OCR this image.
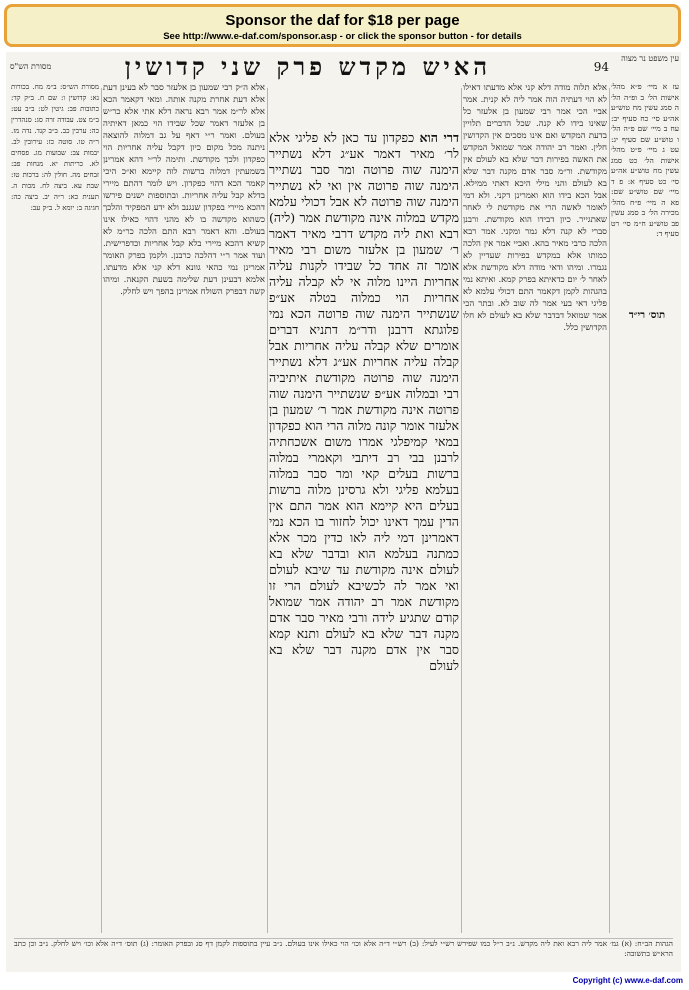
Sponsor the daf for $18 per page
See http://www.e-daf.com/sponsor.asp - or click the sponsor button - for details
עין משפט נר מצוה
94
האיש מקדש פרק שני קדושין
מסורת הש"ס
עז א מיי׳ פ״א מהל׳ אישות הל׳ ב ופ״ה הל׳ ה סמג עשין מח טוש״ע אה״ע סי׳ כח סעיף יב: עח ב מיי׳ שם פ״ה הל׳ ו טוש״ע שם סעיף יג: עט ג מיי׳ פ״ט מהל׳ אישות הל׳ כט סמג עשין מח טוש״ע אה״ע סי׳ כט סעיף א: פ ד מיי׳ שם טוש״ע שם: פא ה מיי׳ פ״ח מהל׳ מכירה הל׳ ב סמג עשין פב טוש״ע ח״מ סי׳ רט סעיף ד:
תוס׳ רי״ד
אלא תלוה מודה דלא קני אלא מדעתו דאילו לא הוי דעתיה הוה אמר ליה לא קנית. אמר אביי הכי אמר רבי שמעון בן אלעזר כל שאינו בידו לא קנה. שכל הדברים תלויין בדעת המקדש ואם אינו מסכים אין הקדושין חלין. ואמר רב יהודה אמר שמואל המקדש את האשה בפירות דבר שלא בא לעולם אין מקודשת. ור״מ סבר אדם מקנה דבר שלא בא לעולם והני מילי היכא דאתי ממילא. אבל הכא בידו הוא ואמרינן דקני. ולא דמי לאומר לאשה הרי את מקודשת לי לאחר שאתגייר. כיון דבידו הוא מקודשת. ורבנן סברי לא קנה דלא גמר ומקני. אמר רבא הלכה כרבי מאיר בהא. ואביי אמר אין הלכה כמותו אלא במקדש בפירות שעדיין לא נגמרו. ומיהו ודאי מודה דלא מקודשת אלא לאחר ל׳ יום כדאיתא בפרק קמא. ואיתא נמי בהגהות לקמן דקאמר התם דכולי עלמא לא פליגי דאי בעי אמר לה שוב לא. ובתר הכי אמר שמואל דבדבר שלא בא לעולם לא חלו הקדושין כלל.
דרי הוא כפקדון עד כאן לא פליגי אלא לר׳ מאיר דאמר אע״ג דלא נשתייר הימנה שוה פרוטה ומר סבר נשתייר הימנה שוה פרוטה אין ואי לא נשתייר הימנה שוה פרוטה לא אבל דכולי עלמא מקדש במלוה אינה מקודשת אמר (ליה) רבא ואת ליה מקדש דרבי מאיר דאמר ר׳ שמעון בן אלעזר משום רבי מאיר אומר זה אחד כל שבידו לקנות עליה אחריות היינו מלוה אי לא קבלה עליה אחריות הוי כמלוה בטלה אע״פ שנשתייר הימנה שוה פרוטה הכא נמי פלוגתא דרבנן ודר״מ דתניא דברים אומרים שלא קבלה עליה אחריות אבל קבלה עליה אחריות אע״ג דלא נשתייר הימנה שוה פרוטה מקודשת איתיביה רבי ובמלוה אע״פ שנשתייר הימנה שוה פרוטה אינה מקודשת אמר ר׳ שמעון בן אלעזר אומר קונה מלוה הרי הוא כפקדון במאי קמיפלגי אמרו משום אשכחתיה לרבנן בבי רב דיתבי וקאמרי במלוה ברשות בעלים קאי ומר סבר במלוה בעלמא פליגי ולא גרסינן מלוה ברשות בעלים היא קיימא הוא אמר התם אין הדין עמך דאינו יכול לחזור בו הכא נמי דאמרינן דמי ליה לאו כדין מכר אלא כמתנה בעלמא הוא ובדבר שלא בא לעולם אינה מקודשת עד שיבא לעולם ואי אמר לה לכשיבא לעולם הרי זו מקודשת אמר רב יהודה אמר שמואל קודם שתגיע לידה ורבי מאיר סבר אדם מקנה דבר שלא בא לעולם ותנא קמא סבר אין אדם מקנה דבר שלא בא לעולם
אלא ה״ק רבי שמעון בן אלעזר סבר לא בעינן דעת אלא דעת אחרת מקנה אותה. ומאי דקאמר הכא אלא לר״מ אמר רבא נראה דלא אתי אלא כר״ש בן אלעזר דאמר שכל שבידו הוי כמאן דאיתיה בעולם. ואמר ר״י דאף על גב דמלוה להוצאה ניתנה מכל מקום כיון דקבל עליה אחריות הוי כפקדון ולכך מקודשת. ותימה לר״י דהא אמרינן בשמעתין דמלוה ברשות לוה קיימא וא״כ היכי קאמר הכא דהוי כפקדון. ויש לומר דהתם מיירי בדלא קבל עליה אחריות. ובתוספות ישנים פירשו דהכא מיירי בפקדון שנגנב ולא ידע המפקיד והלכך כשהוא מקדשה בו לא מהני דהוי כאילו אינו בעולם. והא דאמר רבא התם הלכה כר״מ לא קשיא דהכא מיירי בלא קבל אחריות וכדפרישית. ועוד אמר ר״י דהלכה כרבנן. ולקמן בפרק האומר אמרינן נמי כהאי גוונא דלא קני אלא מדעתו. אלמא דבעינן דעת שלימה בשעת הקנאה. ומיהו קשה דבפרק השולח אמרינן בהפך ויש לחלק.
מסורת הש״ס: ב״מ מח. בכורות נא: קדושין ו: שם ח. ב״ק קד: כתובות פב: גיטין לט: ב״ב עט: ב״מ צט. עבודה זרה סג: סנהדרין כה: ערכין כב. ב״ב קנד. נדה מז. ר״ה טו. סוטה כז: עירובין לב. יבמות צב: שבועות מג. פסחים לא. כריתות יא. מנחות פב: זבחים מה. חולין לה: ברכות טז: שבת עא. ביצה לח. מכות ה. תענית כא: ר״ה יב. ביצה כה: חגיגה ב: יומא ל. ב״ק עב:
הגהות הב״ח: (א) גמ׳ אמר ליה רבא ואת ליה מקדש. נ״ב ר״ל כמו שפירש רש״י לעיל: (ב) רש״י ד״ה אלא וכו׳ הוי כאילו אינו בעולם. נ״ב עיין בתוספות לקמן דף סג ובפרק האומר: (ג) תוס׳ ד״ה אלא וכו׳ ויש לחלק. נ״ב וכן כתב הרא״ש בתשובה:
Copyright (c) www.e-daf.com
